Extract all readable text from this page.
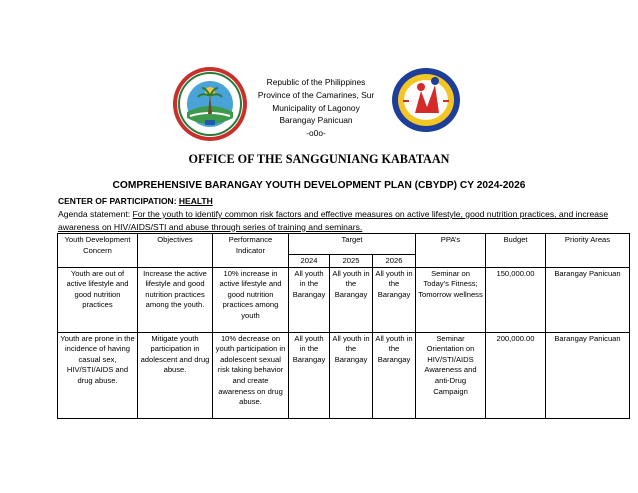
Republic of the Philippines
Province of the Camarines, Sur
Municipality of Lagonoy
Barangay Panicuan
-o0o-
OFFICE OF THE SANGGUNIANG KABATAAN
COMPREHENSIVE BARANGAY YOUTH DEVELOPMENT PLAN (CBYDP) CY 2024-2026
CENTER OF PARTICIPATION: HEALTH
Agenda statement: For the youth to identify common risk factors and effective measures on active lifestyle, good nutrition practices, and increase awareness on HIV/AIDS/STI and abuse through series of training and seminars.
Youth Development Concern	Objectives	Performance Indicator	Target			PPA’s	Budget	Priority Areas
			2024	2025	2026			
Youth are out of active lifestyle and good nutrition practices	Increase the active lifestyle and good nutrition practices among the youth.	10% increase in active lifestyle and good nutrition practices among youth	All youth in the Barangay	All youth in the Barangay	All youth in the Barangay	Seminar on Today’s Fitness; Tomorrow wellness	150,000.00	Barangay Panicuan
Youth are prone in the incidence of having casual sex, HIV/STI/AIDS and drug abuse.	Mitigate youth participation in adolescent and drug abuse.	10% decrease on youth participation in adolescent sexual risk taking behavior and create awareness on drug abuse.	All youth in the Barangay	All youth in the Barangay	All youth in the Barangay	Seminar Orientation on HIV/STI/AIDS Awareness and anti-Drug Campaign	200,000.00	Barangay Panicuan
